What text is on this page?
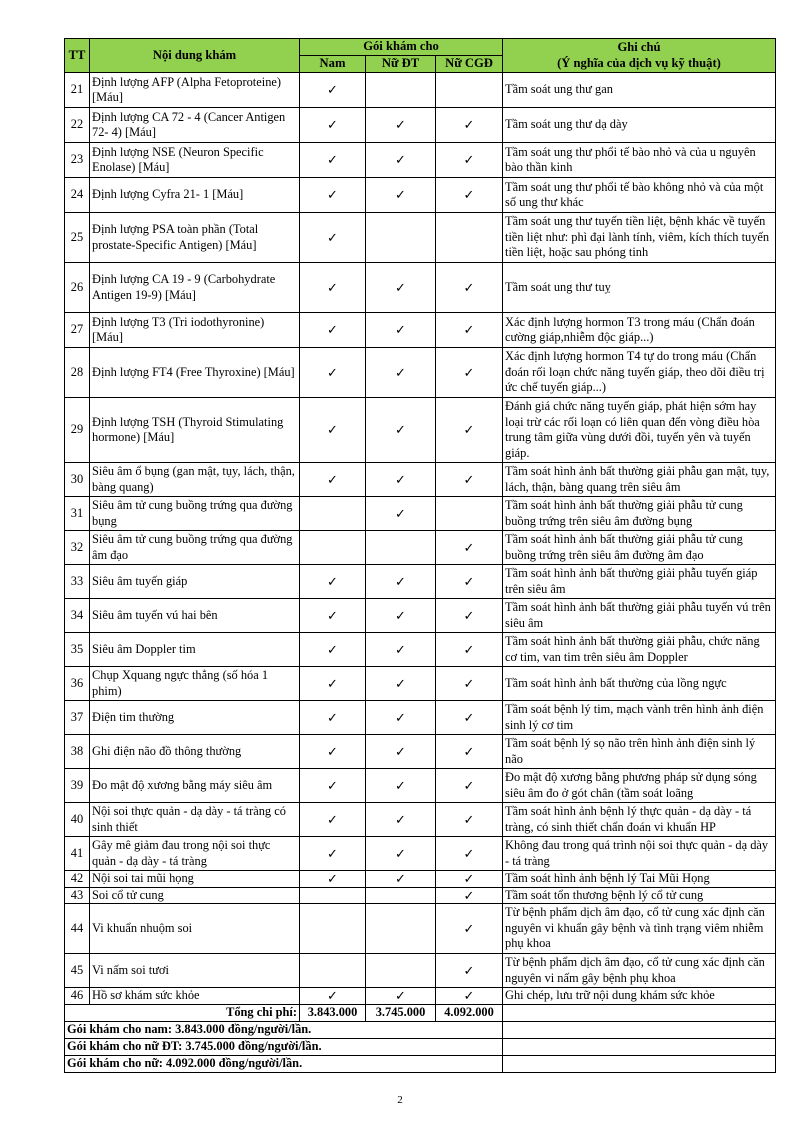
TT	Nội dung khám	Gói khám cho			Ghi chú
(Ý nghĩa của dịch vụ kỹ thuật)
		Nam	Nữ ĐT	Nữ CGĐ	
21	Định lượng AFP (Alpha Fetoproteine) [Máu]	✓			Tầm soát ung thư gan
22	Định lượng CA 72 - 4 (Cancer Antigen 72- 4) [Máu]	✓	✓	✓	Tầm soát ung thư dạ dày
23	Định lượng NSE (Neuron Specific Enolase) [Máu]	✓	✓	✓	Tầm soát ung thư phổi tế bào nhỏ và của u nguyên bào thần kinh
24	Định lượng Cyfra 21- 1 [Máu]	✓	✓	✓	Tầm soát ung thư phổi tế bào không nhỏ và của một số ung thư khác
25	Định lượng PSA toàn phần (Total prostate-Specific Antigen) [Máu]	✓			Tầm soát ung thư tuyến tiền liệt, bệnh khác về tuyến tiền liệt như: phì đại lành tính, viêm, kích thích tuyến tiền liệt, hoặc sau phóng tinh
26	Định lượng CA 19 - 9 (Carbohydrate Antigen 19-9) [Máu]	✓	✓	✓	Tầm soát ung thư tuỵ
27	Định lượng T3 (Tri iodothyronine) [Máu]	✓	✓	✓	Xác định lượng hormon T3 trong máu (Chẩn đoán cường giáp,nhiễm độc giáp...)
28	Định lượng FT4 (Free Thyroxine) [Máu]	✓	✓	✓	Xác định lượng hormon T4 tự do trong máu (Chẩn đoán rối loạn chức năng tuyến giáp, theo dõi điều trị ức chế tuyến giáp...)
29	Định lượng TSH (Thyroid Stimulating hormone) [Máu]	✓	✓	✓	Đánh giá chức năng tuyến giáp, phát hiện sớm hay loại trừ các rối loạn có liên quan đến vòng điều hòa trung tâm giữa vùng dưới đồi, tuyến yên và tuyến giáp.
30	Siêu âm ổ bụng (gan mật, tụy, lách, thận, bàng quang)	✓	✓	✓	Tầm soát hình ảnh bất thường giải phẫu gan mật, tụy, lách, thận, bàng quang trên siêu âm
31	Siêu âm tử cung buồng trứng qua đường bụng		✓		Tầm soát hình ảnh bất thường giải phẫu tử cung buồng trứng trên siêu âm đường bụng
32	Siêu âm tử cung buồng trứng qua đường âm đạo			✓	Tầm soát hình ảnh bất thường giải phẫu tử cung buồng trứng trên siêu âm đường âm đạo
33	Siêu âm tuyến giáp	✓	✓	✓	Tầm soát hình ảnh bất thường giải phẫu tuyến giáp trên siêu âm
34	Siêu âm tuyến vú hai bên	✓	✓	✓	Tầm soát hình ảnh bất thường giải phẫu tuyến vú trên siêu âm
35	Siêu âm Doppler tim	✓	✓	✓	Tầm soát hình ảnh bất thường giải phẫu, chức năng cơ tim, van tim trên siêu âm Doppler
36	Chụp Xquang ngực thẳng (số hóa 1 phim)	✓	✓	✓	Tầm soát hình ảnh bất thường của lồng ngực
37	Điện tim thường	✓	✓	✓	Tầm soát bệnh lý tim, mạch vành trên hình ảnh điện sinh lý cơ tim
38	Ghi điện não đồ thông thường	✓	✓	✓	Tầm soát bệnh lý sọ não trên hình ảnh điện sinh lý não
39	Đo mật độ xương bằng máy siêu âm	✓	✓	✓	Đo mật độ xương bằng phương pháp sử dụng sóng siêu âm đo ở gót chân (tầm soát loãng
40	Nội soi thực quản - dạ dày - tá tràng có sinh thiết	✓	✓	✓	Tầm soát hình ảnh bệnh lý thực quản - dạ dày - tá tràng, có sinh thiết chẩn đoán vi khuẩn HP
41	Gây mê giảm đau trong nội soi thực quản - dạ dày - tá tràng	✓	✓	✓	Không đau trong quá trình nội soi thực quản - dạ dày - tá tràng
42	Nội soi tai mũi họng	✓	✓	✓	Tầm soát hình ảnh bệnh lý Tai Mũi Họng
43	Soi cổ tử cung			✓	Tầm soát tổn thương bệnh lý cổ tử cung
44	Vi khuẩn nhuộm soi			✓	Từ bệnh phẩm dịch âm đạo, cổ tử cung xác định căn nguyên vi khuẩn gây bệnh và tình trạng viêm nhiễm phụ khoa
45	Vi nấm soi tươi			✓	Từ bệnh phẩm dịch âm đạo, cổ tử cung xác định căn nguyên vi nấm gây bệnh phụ khoa
46	Hồ sơ khám sức khỏe	✓	✓	✓	Ghi chép, lưu trữ nội dung khám sức khỏe
Tổng chi phí:		3.843.000	3.745.000	4.092.000	
Gói khám cho nam: 3.843.000 đồng/người/lần.					
Gói khám cho nữ ĐT: 3.745.000 đồng/người/lần.					
Gói khám cho nữ: 4.092.000 đồng/người/lần.					
2
